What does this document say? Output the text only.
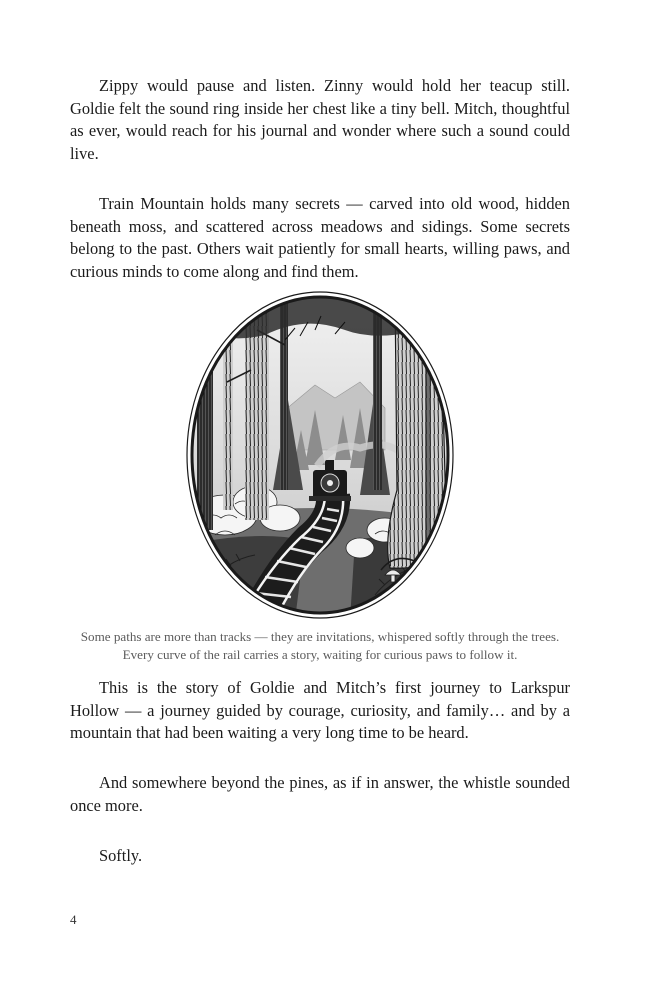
Zippy would pause and listen. Zinny would hold her teacup still. Goldie felt the sound ring inside her chest like a tiny bell. Mitch, thoughtful as ever, would reach for his journal and wonder where such a sound could live.

Train Mountain holds many secrets — carved into old wood, hidden beneath moss, and scattered across meadows and sidings. Some secrets belong to the past. Others wait patiently for small hearts, willing paws, and curious minds to come along and find them.

Some paths are more than tracks — they are invitations, whispered softly through the trees. Every curve of the rail carries a story, waiting for curious paws to follow it.

This is the story of Goldie and Mitch’s first journey to Larkspur Hollow — a journey guided by courage, curiosity, and family… and by a mountain that had been waiting a very long time to be heard.

And somewhere beyond the pines, as if in answer, the whistle sounded once more.

Softly.

4
